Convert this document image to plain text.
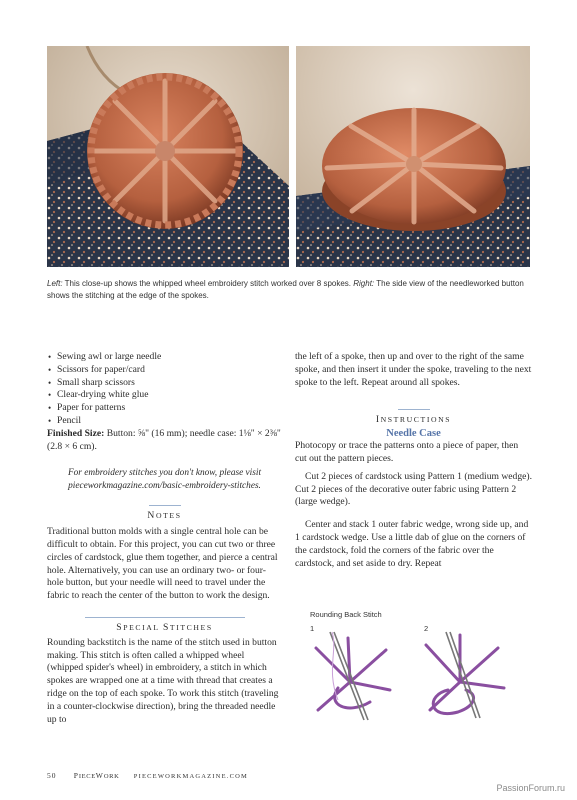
Left: This close-up shows the whipped wheel embroidery stitch worked over 8 spokes. Right: The side view of the needleworked button shows the stitching at the edge of the spokes.
• Sewing awl or large needle
• Scissors for paper/card
• Small sharp scissors
• Clear-drying white glue
• Paper for patterns
• Pencil
Finished Size: Button: ⅝" (16 mm); needle case: 1⅛" × 2⅜" (2.8 × 6 cm).
For embroidery stitches you don't know, please visit
pieceworkmagazine.com/basic-embroidery-stitches.
NOTES
Traditional button molds with a single central hole can be difficult to obtain. For this project, you can cut two or three circles of cardstock, glue them together, and pierce a central hole. Alternatively, you can use an ordinary two- or four-hole button, but your needle will need to travel under the fabric to reach the center of the button to work the design.
SPECIAL STITCHES
Rounding backstitch is the name of the stitch used in button making. This stitch is often called a whipped wheel (whipped spider's wheel) in embroidery, a stitch in which spokes are wrapped one at a time with thread that creates a ridge on the top of each spoke. To work this stitch (traveling in a counter-clockwise direction), bring the threaded needle up to
the left of a spoke, then up and over to the right of the same spoke, and then insert it under the spoke, traveling to the next spoke to the left. Repeat around all spokes.
INSTRUCTIONS
Needle Case
Photocopy or trace the patterns onto a piece of paper, then cut out the pattern pieces.
Cut 2 pieces of cardstock using Pattern 1 (medium wedge). Cut 2 pieces of the decorative outer fabric using Pattern 2 (large wedge).
Center and stack 1 outer fabric wedge, wrong side up, and 1 cardstock wedge. Use a little dab of glue on the corners of the cardstock, fold the corners of the fabric over the cardstock, and set aside to dry. Repeat
Rounding Back Stitch
1	2
50 PIECEWORK PIECEWORKMAGAZINE.COM
PassionForum.ru
